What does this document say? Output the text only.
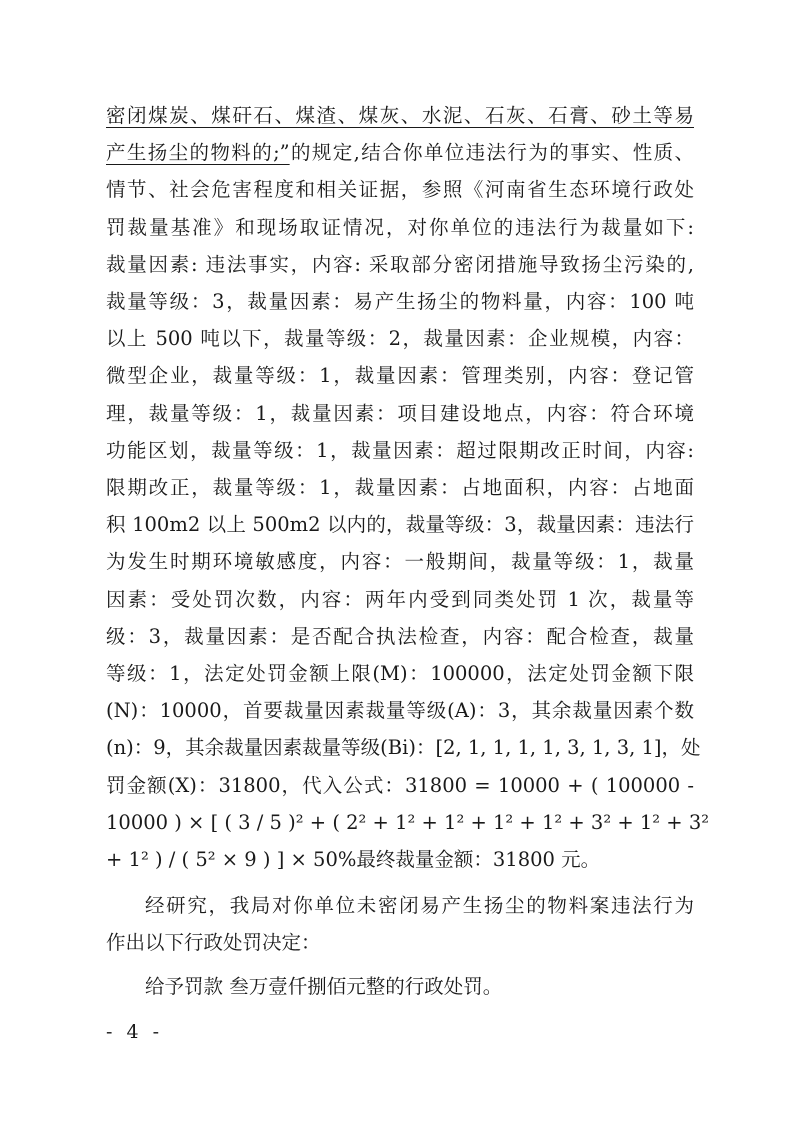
密闭煤炭、煤矸石、煤渣、煤灰、水泥、石灰、石膏、砂土等易
产生扬尘的物料的;”的规定,结合你单位违法行为的事实、性质、
情节、社会危害程度和相关证据，参照《河南省生态环境行政处
罚裁量基准》和现场取证情况，对你单位的违法行为裁量如下:
裁量因素: 违法事实，内容: 采取部分密闭措施导致扬尘污染的,
裁量等级：3，裁量因素：易产生扬尘的物料量，内容：100 吨
以上 500 吨以下，裁量等级：2，裁量因素：企业规模，内容：
微型企业，裁量等级：1，裁量因素：管理类别，内容：登记管
理，裁量等级：1，裁量因素：项目建设地点，内容：符合环境
功能区划，裁量等级：1，裁量因素：超过限期改正时间，内容:
限期改正，裁量等级：1，裁量因素：占地面积，内容：占地面
积 100m2 以上 500m2 以内的，裁量等级：3，裁量因素：违法行
为发生时期环境敏感度，内容：一般期间，裁量等级：1，裁量
因素：受处罚次数，内容：两年内受到同类处罚 1 次，裁量等
级：3，裁量因素：是否配合执法检查，内容：配合检查，裁量
等级：1，法定处罚金额上限(M)：100000，法定处罚金额下限
(N)：10000，首要裁量因素裁量等级(A)：3，其余裁量因素个数
(n)：9，其余裁量因素裁量等级(Bi)：[2, 1, 1, 1, 1, 3, 1, 3, 1]，处
罚金额(X)：31800，代入公式：31800 = 10000 + ( 100000 -
10000 ) × [ ( 3 / 5 )² + ( 2² + 1² + 1² + 1² + 1² + 3² + 1² + 3²
+ 1² ) / ( 5² × 9 ) ] × 50%最终裁量金额：31800 元。
经研究，我局对你单位未密闭易产生扬尘的物料案违法行为
作出以下行政处罚决定：
给予罚款 叁万壹仟捌佰元整的行政处罚。
- 4 -
